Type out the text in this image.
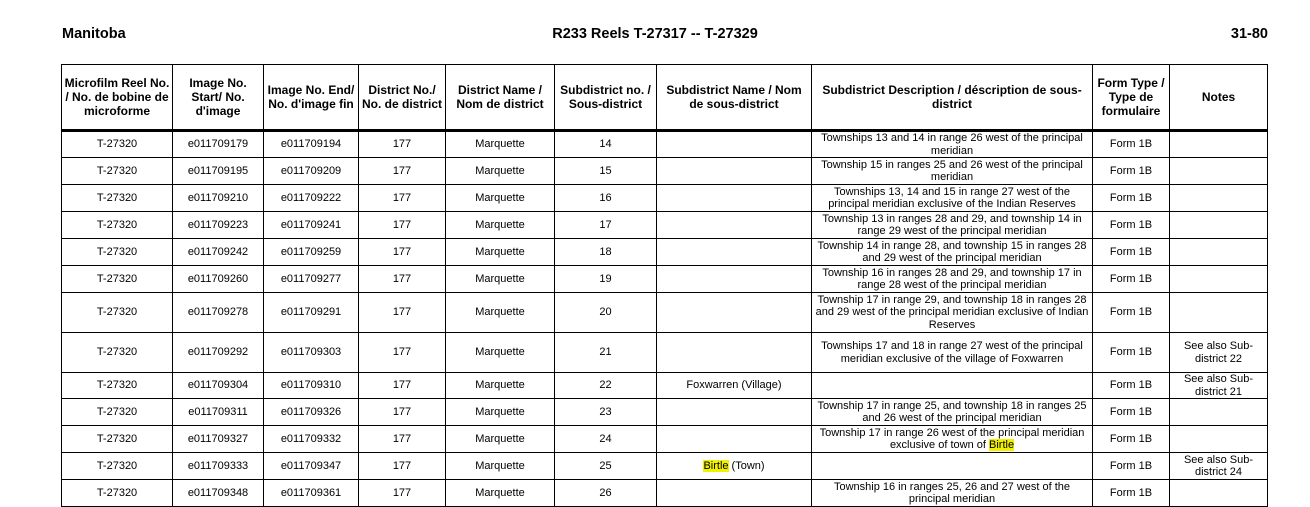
Manitoba	R233 Reels T-27317 -- T-27329	31-80
Microfilm Reel No. / No. de bobine de microforme	Image No. Start/ No. d'image	Image No. End/ No. d'image fin	District No./ No. de district	District Name / Nom de district	Subdistrict no. / Sous-district	Subdistrict Name / Nom de sous-district	Subdistrict Description / déscription de sous-district	Form Type / Type de formulaire	Notes
T-27320	e011709179	e011709194	177	Marquette	14		Townships 13 and 14 in range 26 west of the principal meridian	Form 1B	
T-27320	e011709195	e011709209	177	Marquette	15		Township 15 in ranges 25 and 26 west of the principal meridian	Form 1B	
T-27320	e011709210	e011709222	177	Marquette	16		Townships 13, 14 and 15 in range 27 west of the principal meridian exclusive of the Indian Reserves	Form 1B	
T-27320	e011709223	e011709241	177	Marquette	17		Township 13 in ranges 28 and 29, and township 14 in range 29 west of the principal meridian	Form 1B	
T-27320	e011709242	e011709259	177	Marquette	18		Township 14 in range 28, and township 15 in ranges 28 and 29 west of the principal meridian	Form 1B	
T-27320	e011709260	e011709277	177	Marquette	19		Township 16 in ranges 28 and 29, and township 17 in range 28 west of the principal meridian	Form 1B	
T-27320	e011709278	e011709291	177	Marquette	20		Township 17 in range 29, and township 18 in ranges 28 and 29 west of the principal meridian exclusive of Indian Reserves	Form 1B	
T-27320	e011709292	e011709303	177	Marquette	21		Townships 17 and 18 in range 27 west of the principal meridian exclusive of the village of Foxwarren	Form 1B	See also Sub-district 22
T-27320	e011709304	e011709310	177	Marquette	22	Foxwarren (Village)		Form 1B	See also Sub-district 21
T-27320	e011709311	e011709326	177	Marquette	23		Township 17 in range 25, and township 18 in ranges 25 and 26 west of the principal meridian	Form 1B	
T-27320	e011709327	e011709332	177	Marquette	24		Township 17 in range 26 west of the principal meridian exclusive of town of Birtle	Form 1B	
T-27320	e011709333	e011709347	177	Marquette	25	Birtle (Town)		Form 1B	See also Sub-district 24
T-27320	e011709348	e011709361	177	Marquette	26		Township 16 in ranges 25, 26 and 27 west of the principal meridian	Form 1B	
